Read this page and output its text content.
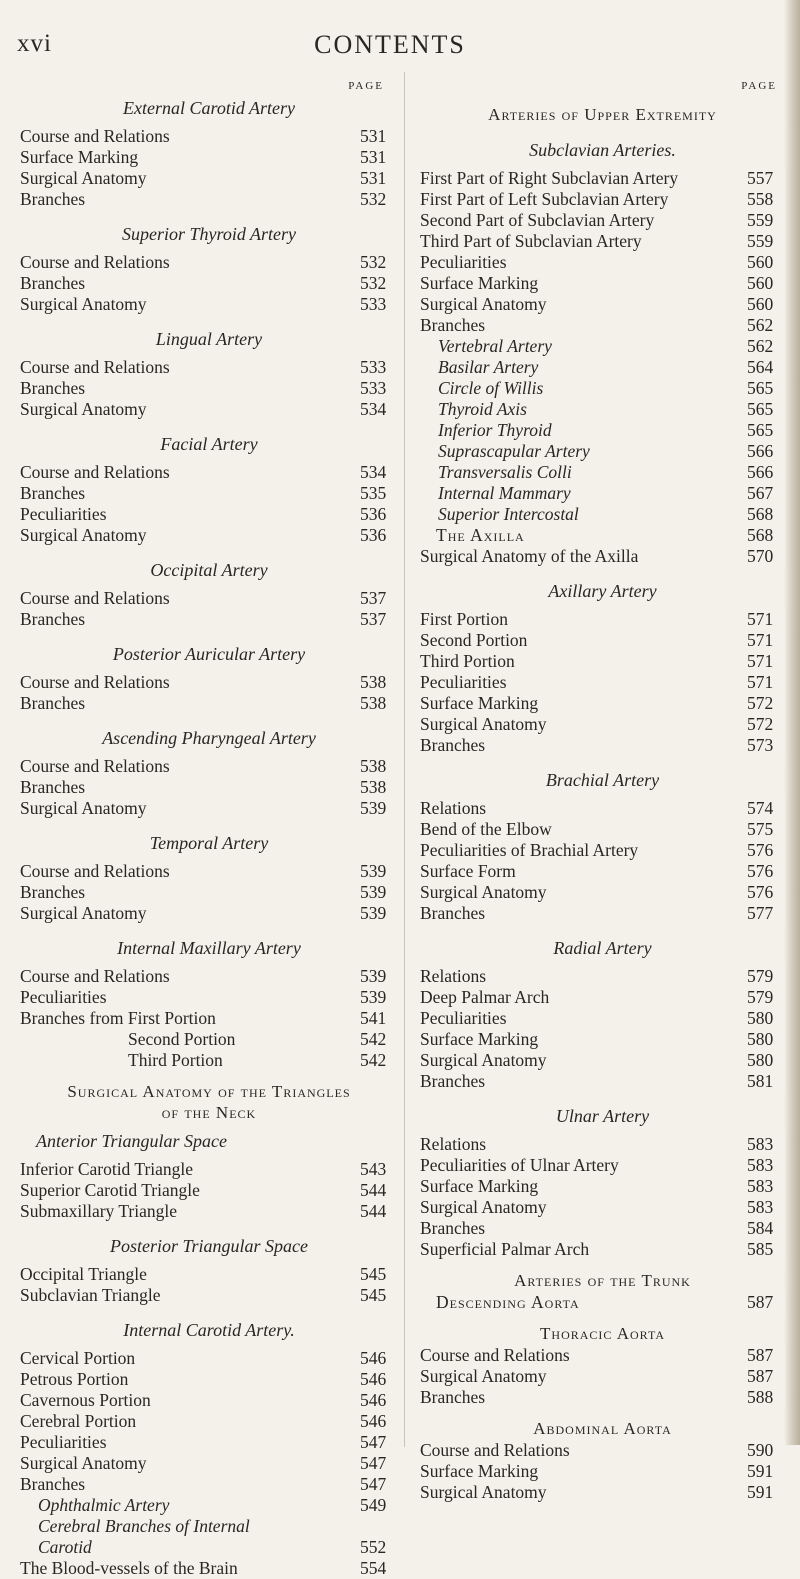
xvi	CONTENTS
PAGE
External Carotid Artery
Course and Relations	531
Surface Marking	531
Surgical Anatomy	531
Branches	532
Superior Thyroid Artery
Course and Relations	532
Branches	532
Surgical Anatomy	533
Lingual Artery
Course and Relations	533
Branches	533
Surgical Anatomy	534
Facial Artery
Course and Relations	534
Branches	535
Peculiarities	536
Surgical Anatomy	536
Occipital Artery
Course and Relations	537
Branches	537
Posterior Auricular Artery
Course and Relations	538
Branches	538
Ascending Pharyngeal Artery
Course and Relations	538
Branches	538
Surgical Anatomy	539
Temporal Artery
Course and Relations	539
Branches	539
Surgical Anatomy	539
Internal Maxillary Artery
Course and Relations	539
Peculiarities	539
Branches from First Portion	541
Second Portion	542
Third Portion	542
Surgical Anatomy of the Triangles
of the Neck
Anterior Triangular Space
Inferior Carotid Triangle	543
Superior Carotid Triangle	544
Submaxillary Triangle	544
Posterior Triangular Space
Occipital Triangle	545
Subclavian Triangle	545
Internal Carotid Artery.
Cervical Portion	546
Petrous Portion	546
Cavernous Portion	546
Cerebral Portion	546
Peculiarities	547
Surgical Anatomy	547
Branches	547
Ophthalmic Artery	549
Cerebral Branches of Internal
Carotid	552
The Blood-vessels of the Brain	554
PAGE
Arteries of Upper Extremity
Subclavian Arteries.
First Part of Right Subclavian Artery	557
First Part of Left Subclavian Artery	558
Second Part of Subclavian Artery	559
Third Part of Subclavian Artery	559
Peculiarities	560
Surface Marking	560
Surgical Anatomy	560
Branches	562
Vertebral Artery	562
Basilar Artery	564
Circle of Willis	565
Thyroid Axis	565
Inferior Thyroid	565
Suprascapular Artery	566
Transversalis Colli	566
Internal Mammary	567
Superior Intercostal	568
The Axilla	568
Surgical Anatomy of the Axilla	570
Axillary Artery
First Portion	571
Second Portion	571
Third Portion	571
Peculiarities	571
Surface Marking	572
Surgical Anatomy	572
Branches	573
Brachial Artery
Relations	574
Bend of the Elbow	575
Peculiarities of Brachial Artery	576
Surface Form	576
Surgical Anatomy	576
Branches	577
Radial Artery
Relations	579
Deep Palmar Arch	579
Peculiarities	580
Surface Marking	580
Surgical Anatomy	580
Branches	581
Ulnar Artery
Relations	583
Peculiarities of Ulnar Artery	583
Surface Marking	583
Surgical Anatomy	583
Branches	584
Superficial Palmar Arch	585
Arteries of the Trunk
Descending Aorta	587
Thoracic Aorta
Course and Relations	587
Surgical Anatomy	587
Branches	588
Abdominal Aorta
Course and Relations	590
Surface Marking	591
Surgical Anatomy	591
